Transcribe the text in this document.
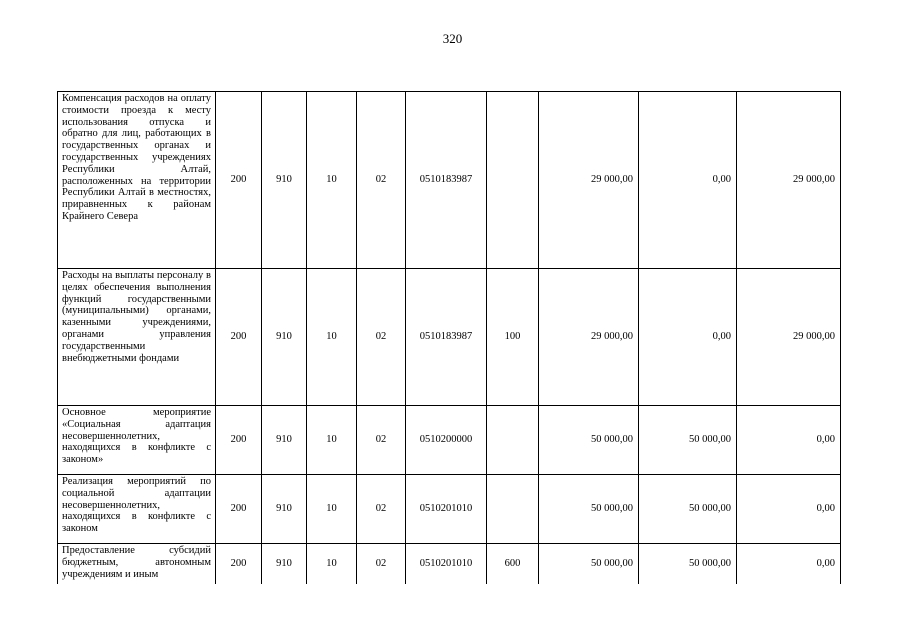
320
Компенсация расходов на оплату стоимости проезда к месту использования отпуска и обратно для лиц, работающих в государственных органах и государственных учреждениях Республики Алтай, расположенных на территории Республики Алтай в местностях, приравненных к районам Крайнего Севера	200	910	10	02	0510183987		29 000,00	0,00	29 000,00
Расходы на выплаты персоналу в целях обеспечения выполнения функций государственными (муниципальными) органами, казенными учреждениями, органами управления государственными внебюджетными фондами	200	910	10	02	0510183987	100	29 000,00	0,00	29 000,00
Основное мероприятие «Социальная адаптация несовершеннолетних, находящихся в конфликте с законом»	200	910	10	02	0510200000		50 000,00	50 000,00	0,00
Реализация мероприятий по социальной адаптации несовершеннолетних, находящихся в конфликте с законом	200	910	10	02	0510201010		50 000,00	50 000,00	0,00
Предоставление субсидий бюджетным, автономным учреждениям и иным	200	910	10	02	0510201010	600	50 000,00	50 000,00	0,00
